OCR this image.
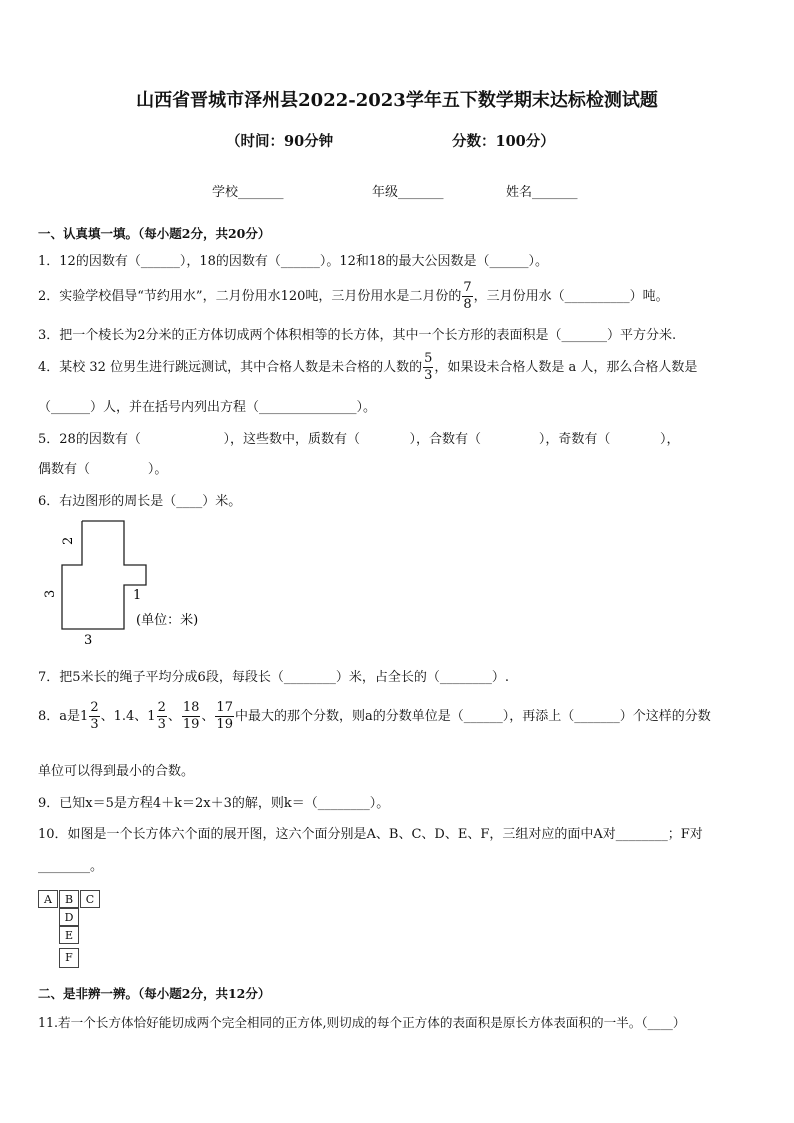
山西省晋城市泽州县2022-2023学年五下数学期末达标检测试题
（时间：90分钟	分数：100分）
学校_______	年级_______	姓名_______
一、认真填一填。（每小题2分，共20分）
1．12的因数有（______），18的因数有（______）。12和18的最大公因数是（______）。
2．实验学校倡导“节约用水”，二月份用水120吨，三月份用水是二月份的 $\frac{7}{8}$ ，三月份用水（__________）吨。
3．把一个棱长为2分米的正方体切成两个体积相等的长方体，其中一个长方形的表面积是（_______）平方分米.
4．某校 32 位男生进行跳远测试，其中合格人数是未合格的人数的 $\frac{5}{3}$ ，如果设未合格人数是 a 人，那么合格人数是
（______）人，并在括号内列出方程（_______________）。
5．28的因数有（                    ），这些数中，质数有（            ），合数有（              ），奇数有（            ），
偶数有（              ）。
6．右边图形的周长是（____）米。
2
3	1
3
(单位：米)
7．把5米长的绳子平均分成6段，每段长（________）米，占全长的（________）.
8．a是$1 \frac{2}{3}$ 、1.4、$1 \frac{2}{3}$ 、 $\frac{18}{19}$ 、 $\frac{17}{19}$ 中最大的那个分数，则a的分数单位是（______），再添上（_______）个这样的分数
单位可以得到最小的合数。
9．已知x＝5是方程4＋k＝2x＋3的解，则k＝（________）。
10．如图是一个长方体六个面的展开图，这六个面分别是A、B、C、D、E、F，三组对应的面中A对________；F对
________。
A	B	C
D
E
F
二、是非辨一辨。（每小题2分，共12分）
11.若一个长方体恰好能切成两个完全相同的正方体,则切成的每个正方体的表面积是原长方体表面积的一半。（____）
